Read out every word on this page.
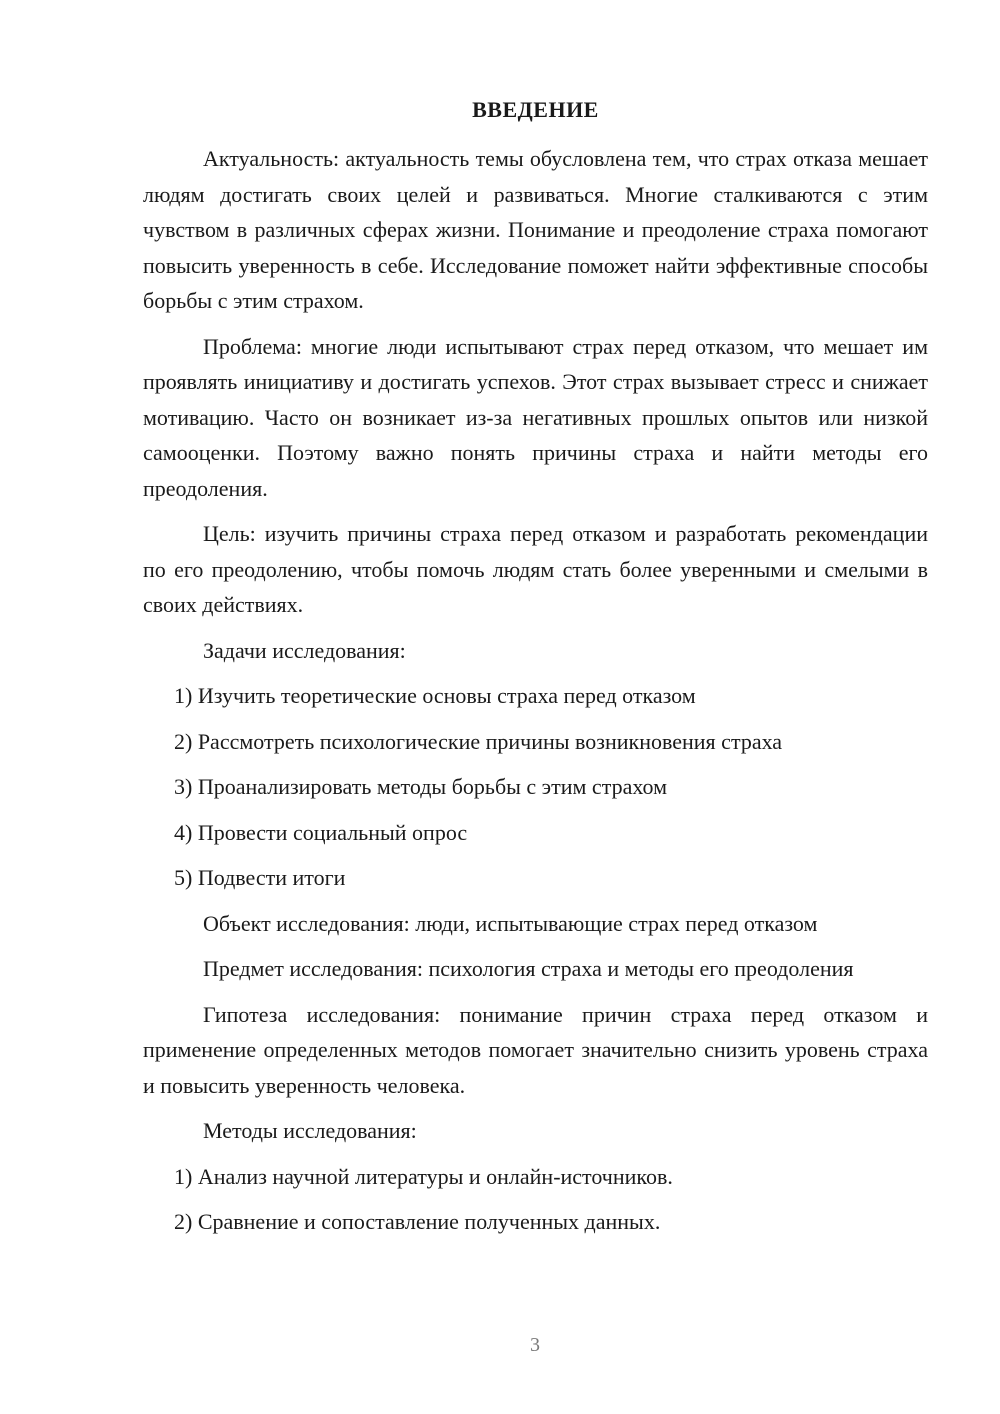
ВВЕДЕНИЕ

Актуальность: актуальность темы обусловлена тем, что страх отказа мешает людям достигать своих целей и развиваться. Многие сталкиваются с этим чувством в различных сферах жизни. Понимание и преодоление страха помогают повысить уверенность в себе. Исследование поможет найти эффективные способы борьбы с этим страхом.

Проблема: многие люди испытывают страх перед отказом, что мешает им проявлять инициативу и достигать успехов. Этот страх вызывает стресс и снижает мотивацию. Часто он возникает из-за негативных прошлых опытов или низкой самооценки. Поэтому важно понять причины страха и найти методы его преодоления.

Цель: изучить причины страха перед отказом и разработать рекомендации по его преодолению, чтобы помочь людям стать более уверенными и смелыми в своих действиях.

Задачи исследования:

1) Изучить теоретические основы страха перед отказом
2) Рассмотреть психологические причины возникновения страха
3) Проанализировать методы борьбы с этим страхом
4) Провести социальный опрос
5) Подвести итоги

Объект исследования: люди, испытывающие страх перед отказом

Предмет исследования: психология страха и методы его преодоления

Гипотеза исследования: понимание причин страха перед отказом и применение определенных методов помогает значительно снизить уровень страха и повысить уверенность человека.

Методы исследования:

1) Анализ научной литературы и онлайн-источников.
2) Сравнение и сопоставление полученных данных.
3
